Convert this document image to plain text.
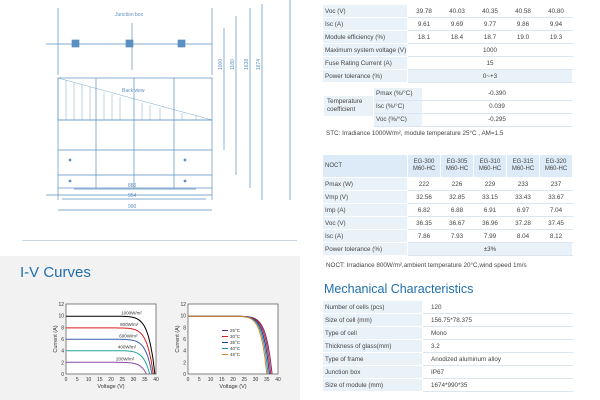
Junction box
Back view
880
954
990
1000 1180 1638 1674
I-V Curves
0 5 10 15 20 25 30 35 40
0
2
4
6
8
10
12
Voltage (V)
Current (A)
1000W/m²
800W/m²
600W/m²
400W/m²
200W/m²
0 5 10 15 20 25 30 35 40
0
2
4
6
8
10
12
Voltage (V)
Current (A)	25°C
30°C
35°C
40°C
45°C
Voc (V)	39.78	40.03	40.35	40.58	40.80
Isc (A)	9.61	9.69	9.77	9.86	9.94
Module efficiency (%)	18.1	18.4	18.7	19.0	19.3
Maximum system voltage (V)	1000				
Fuse Rating Current (A)	15				
Power tolerance (%)	0~+3				
Temperature coefficient
Pmax (%/°C)	-0.390
Isc (%/°C)	0.039
Voc (%/°C)	-0.295
STC: Irradiance 1000W/m², module temperature 25°C , AM=1.5
NOCT	EG-300 M60-HC	EG-305 M60-HC	EG-310 M60-HC	EG-315 M60-HC	EG-320 M60-HC
Pmax (W)	222	226	229	233	237
Vmp (V)	32.56	32.85	33.15	33.43	33.67
Imp (A)	6.82	6.88	6.91	6.97	7.04
Voc (V)	36.35	36.67	36.96	37.28	37.45
Isc (A)	7.86	7.93	7.99	8.04	8.12
Power tolerance (%)	±3%				
NOCT: Irradiance 800W/m²,ambient temperature 20°C,wind speed 1m/s
Mechanical Characteristics
Number of cells (pcs)	120
Size of cell (mm)	156.75*78.375
Type of cell	Mono
Thickness of glass(mm)	3.2
Type of frame	Anodized aluminum alloy
Junction box	IP67
Size of module (mm)	1674*990*35
